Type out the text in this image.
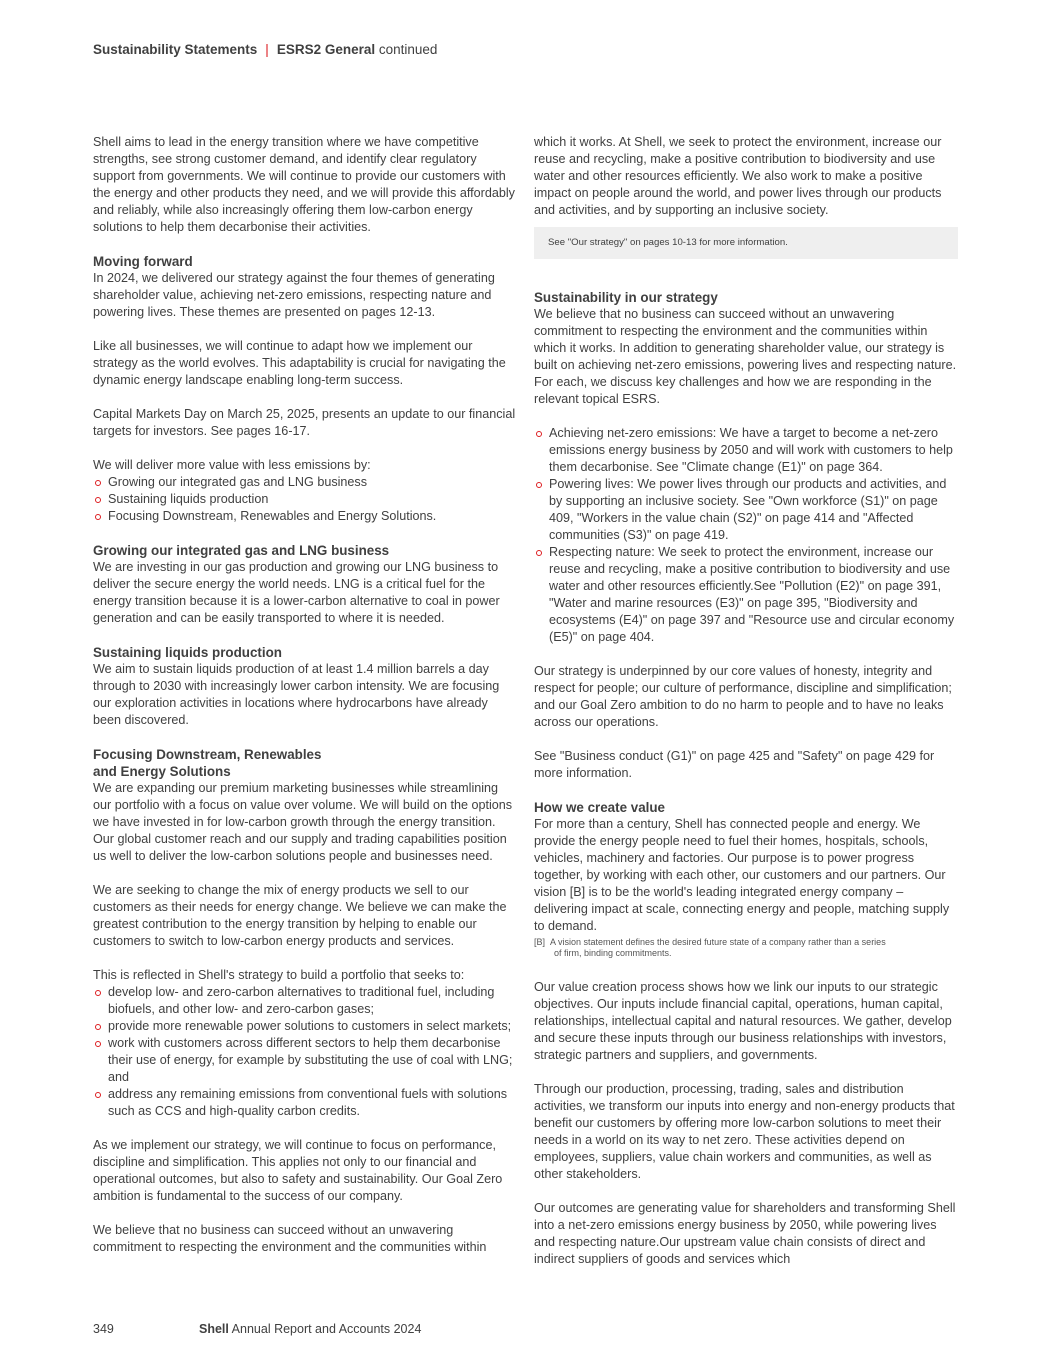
Sustainability Statements | ESRS2 General continued

Shell aims to lead in the energy transition where we have competitive strengths, see strong customer demand, and identify clear regulatory support from governments. We will continue to provide our customers with the energy and other products they need, and we will provide this affordably and reliably, while also increasingly offering them low-carbon energy solutions to help them decarbonise their activities.

Moving forward

In 2024, we delivered our strategy against the four themes of generating shareholder value, achieving net-zero emissions, respecting nature and powering lives. These themes are presented on pages 12-13.

Like all businesses, we will continue to adapt how we implement our strategy as the world evolves. This adaptability is crucial for navigating the dynamic energy landscape enabling long-term success.

Capital Markets Day on March 25, 2025, presents an update to our financial targets for investors. See pages 16-17.

We will deliver more value with less emissions by:

Growing our integrated gas and LNG business
Sustaining liquids production
Focusing Downstream, Renewables and Energy Solutions.
Growing our integrated gas and LNG business

We are investing in our gas production and growing our LNG business to deliver the secure energy the world needs. LNG is a critical fuel for the energy transition because it is a lower-carbon alternative to coal in power generation and can be easily transported to where it is needed.

Sustaining liquids production

We aim to sustain liquids production of at least 1.4 million barrels a day through to 2030 with increasingly lower carbon intensity. We are focusing our exploration activities in locations where hydrocarbons have already been discovered.

Focusing Downstream, Renewables
and Energy Solutions

We are expanding our premium marketing businesses while streamlining our portfolio with a focus on value over volume. We will build on the options we have invested in for low-carbon growth through the energy transition. Our global customer reach and our supply and trading capabilities position us well to deliver the low-carbon solutions people and businesses need.

We are seeking to change the mix of energy products we sell to our customers as their needs for energy change. We believe we can make the greatest contribution to the energy transition by helping to enable our customers to switch to low-carbon energy products and services.

This is reflected in Shell's strategy to build a portfolio that seeks to:

develop low- and zero-carbon alternatives to traditional fuel, including biofuels, and other low- and zero-carbon gases;
provide more renewable power solutions to customers in select markets;
work with customers across different sectors to help them decarbonise their use of energy, for example by substituting the use of coal with LNG; and
address any remaining emissions from conventional fuels with solutions such as CCS and high-quality carbon credits.

As we implement our strategy, we will continue to focus on performance, discipline and simplification. This applies not only to our financial and operational outcomes, but also to safety and sustainability. Our Goal Zero ambition is fundamental to the success of our company.

We believe that no business can succeed without an unwavering commitment to respecting the environment and the communities within

which it works. At Shell, we seek to protect the environment, increase our reuse and recycling, make a positive contribution to biodiversity and use water and other resources efficiently. We also work to make a positive impact on people around the world, and power lives through our products and activities, and by supporting an inclusive society.

See "Our strategy" on pages 10-13 for more information.
Sustainability in our strategy

We believe that no business can succeed without an unwavering commitment to respecting the environment and the communities within which it works. In addition to generating shareholder value, our strategy is built on achieving net-zero emissions, powering lives and respecting nature. For each, we discuss key challenges and how we are responding in the relevant topical ESRS.

Achieving net-zero emissions: We have a target to become a net-zero emissions energy business by 2050 and will work with customers to help them decarbonise. See "Climate change (E1)" on page 364.
Powering lives: We power lives through our products and activities, and by supporting an inclusive society. See "Own workforce (S1)" on page 409, "Workers in the value chain (S2)" on page 414 and "Affected communities (S3)" on page 419.
Respecting nature: We seek to protect the environment, increase our reuse and recycling, make a positive contribution to biodiversity and use water and other resources efficiently.See "Pollution (E2)" on page 391, "Water and marine resources (E3)" on page 395, "Biodiversity and ecosystems (E4)" on page 397 and "Resource use and circular economy (E5)" on page 404.

Our strategy is underpinned by our core values of honesty, integrity and respect for people; our culture of performance, discipline and simplification; and our Goal Zero ambition to do no harm to people and to have no leaks across our operations.

See "Business conduct (G1)" on page 425 and "Safety" on page 429 for more information.

How we create value

For more than a century, Shell has connected people and energy. We provide the energy people need to fuel their homes, hospitals, schools, vehicles, machinery and factories. Our purpose is to power progress together, by working with each other, our customers and our partners. Our vision [B] is to be the world's leading integrated energy company – delivering impact at scale, connecting energy and people, matching supply to demand.

[B] A vision statement defines the desired future state of a company rather than a series
of firm, binding commitments.

Our value creation process shows how we link our inputs to our strategic objectives. Our inputs include financial capital, operations, human capital, relationships, intellectual capital and natural resources. We gather, develop and secure these inputs through our business relationships with investors, strategic partners and suppliers, and governments.

Through our production, processing, trading, sales and distribution activities, we transform our inputs into energy and non-energy products that benefit our customers by offering more low-carbon solutions to meet their needs in a world on its way to net zero. These activities depend on employees, suppliers, value chain workers and communities, as well as other stakeholders.

Our outcomes are generating value for shareholders and transforming Shell into a net-zero emissions energy business by 2050, while powering lives and respecting nature.Our upstream value chain consists of direct and indirect suppliers of goods and services which

349	Shell Annual Report and Accounts 2024
